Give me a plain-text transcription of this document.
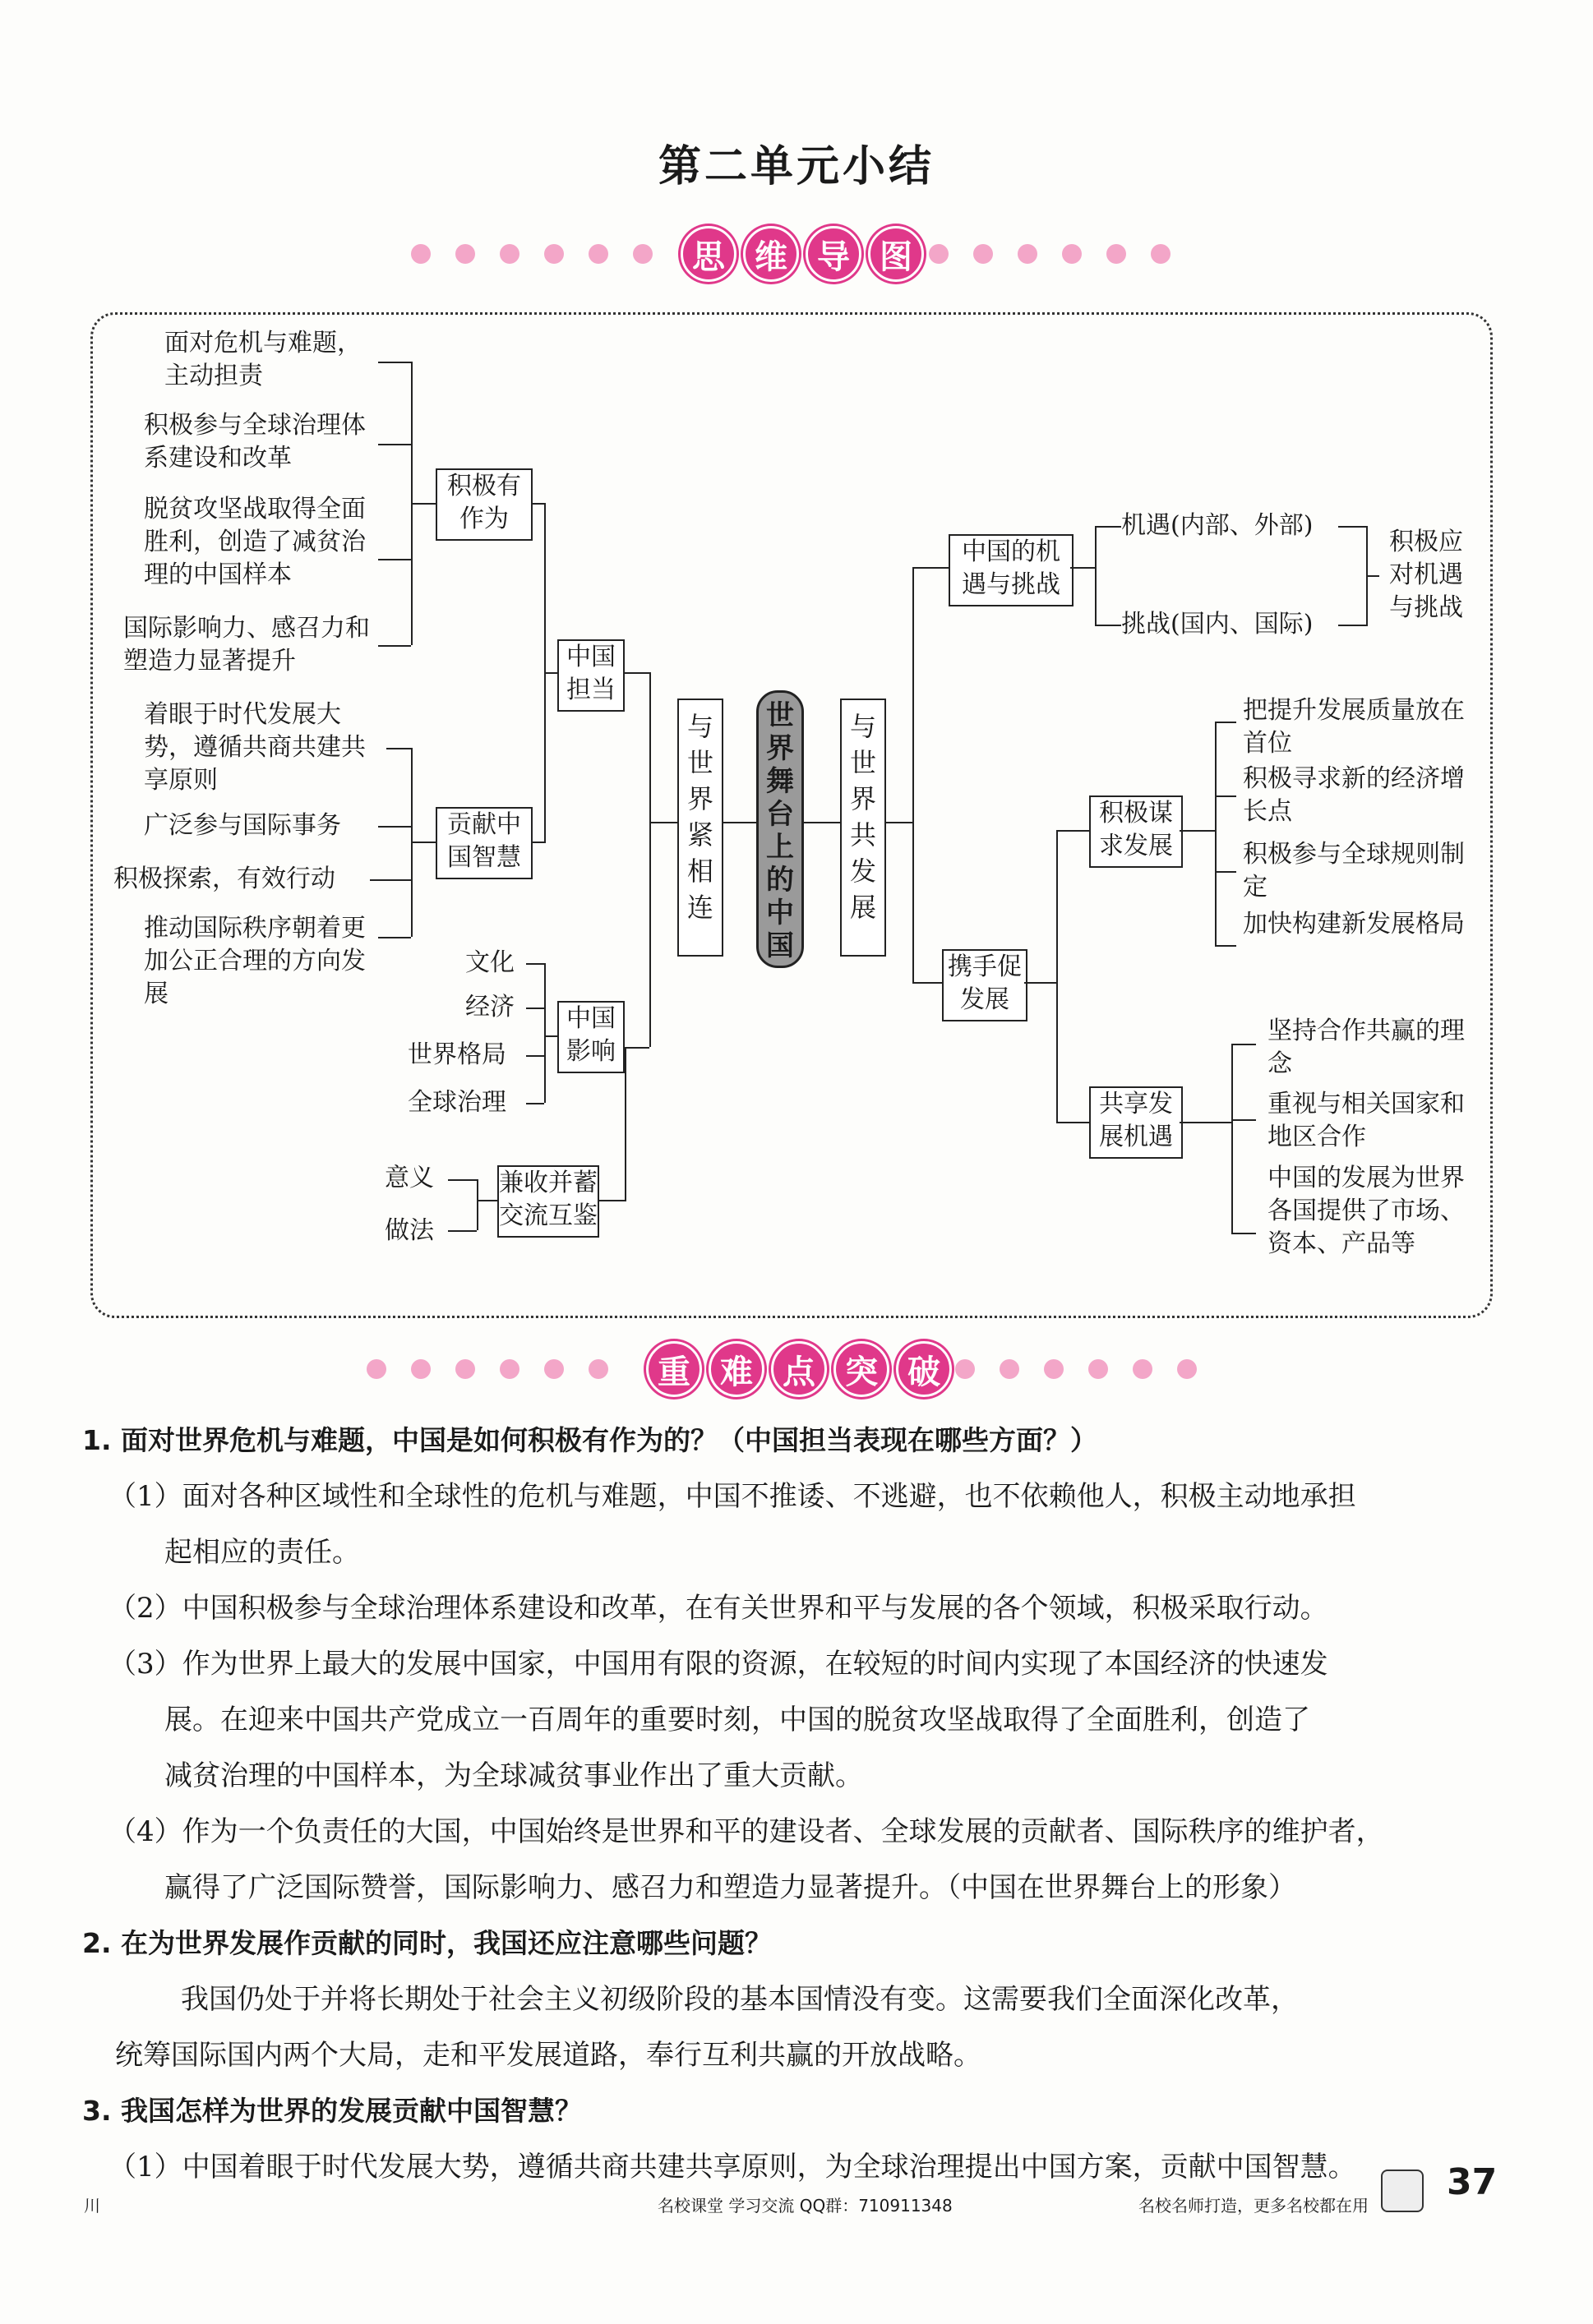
第二单元小结
思 维 导 图
世界舞台上的中国
与世界紧相连
与世界共发展
中国担当
积极有作为
面对危机与难题，主动担责
积极参与全球治理体系建设和改革
脱贫攻坚战取得全面胜利，创造了减贫治理的中国样本
国际影响力、感召力和塑造力显著提升
贡献中国智慧
着眼于时代发展大势，遵循共商共建共享原则
广泛参与国际事务
积极探索，有效行动
推动国际秩序朝着更加公正合理的方向发展
中国影响
文化
经济
世界格局
全球治理
兼收并蓄交流互鉴
意义
做法
中国的机遇与挑战
机遇(内部、外部)
挑战(国内、国际)
积极应对机遇与挑战
携手促发展
积极谋求发展
把提升发展质量放在首位
积极寻求新的经济增长点
积极参与全球规则制定
加快构建新发展格局
共享发展机遇
坚持合作共赢的理念
重视与相关国家和地区合作
中国的发展为世界各国提供了市场、资本、产品等
重 难 点 突 破
1. 面对世界危机与难题，中国是如何积极有作为的？（中国担当表现在哪些方面？）
（1）面对各种区域性和全球性的危机与难题，中国不推诿、不逃避，也不依赖他人，积极主动地承担
起相应的责任。
（2）中国积极参与全球治理体系建设和改革，在有关世界和平与发展的各个领域，积极采取行动。
（3）作为世界上最大的发展中国家，中国用有限的资源，在较短的时间内实现了本国经济的快速发
展。在迎来中国共产党成立一百周年的重要时刻，中国的脱贫攻坚战取得了全面胜利，创造了
减贫治理的中国样本，为全球减贫事业作出了重大贡献。
（4）作为一个负责任的大国，中国始终是世界和平的建设者、全球发展的贡献者、国际秩序的维护者，
赢得了广泛国际赞誉，国际影响力、感召力和塑造力显著提升。（中国在世界舞台上的形象）
2. 在为世界发展作贡献的同时，我国还应注意哪些问题？
我国仍处于并将长期处于社会主义初级阶段的基本国情没有变。这需要我们全面深化改革，
统筹国际国内两个大局，走和平发展道路，奉行互利共赢的开放战略。
3. 我国怎样为世界的发展贡献中国智慧？
（1）中国着眼于时代发展大势，遵循共商共建共享原则，为全球治理提出中国方案，贡献中国智慧。
川	名校课堂 学习交流 QQ群：710911348	名校名师打造，更多名校都在用
37
